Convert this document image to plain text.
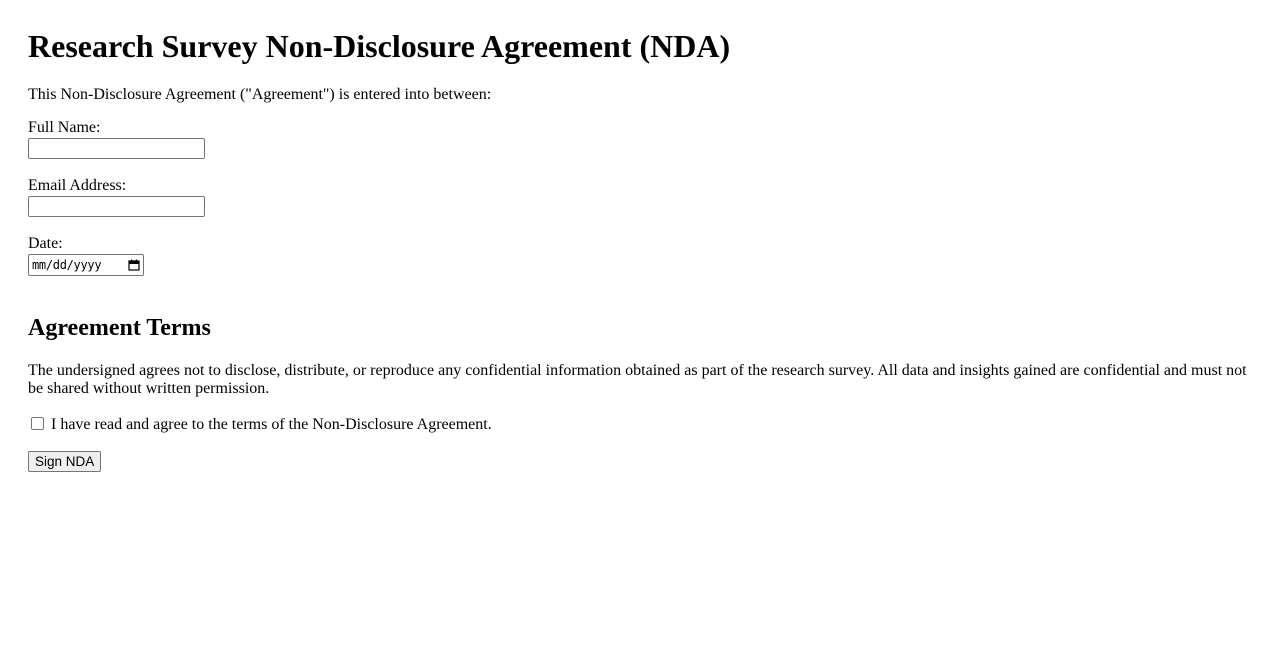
Research Survey Non-Disclosure Agreement (NDA)

This Non-Disclosure Agreement ("Agreement") is entered into between:

Full Name:
Email Address:
Date:
mm/dd/yyyy
Agreement Terms

The undersigned agrees not to disclose, distribute, or reproduce any confidential information obtained as part of the research survey. All data and insights gained are confidential and must not be shared without written permission.

I have read and agree to the terms of the Non-Disclosure Agreement.
Sign NDA
